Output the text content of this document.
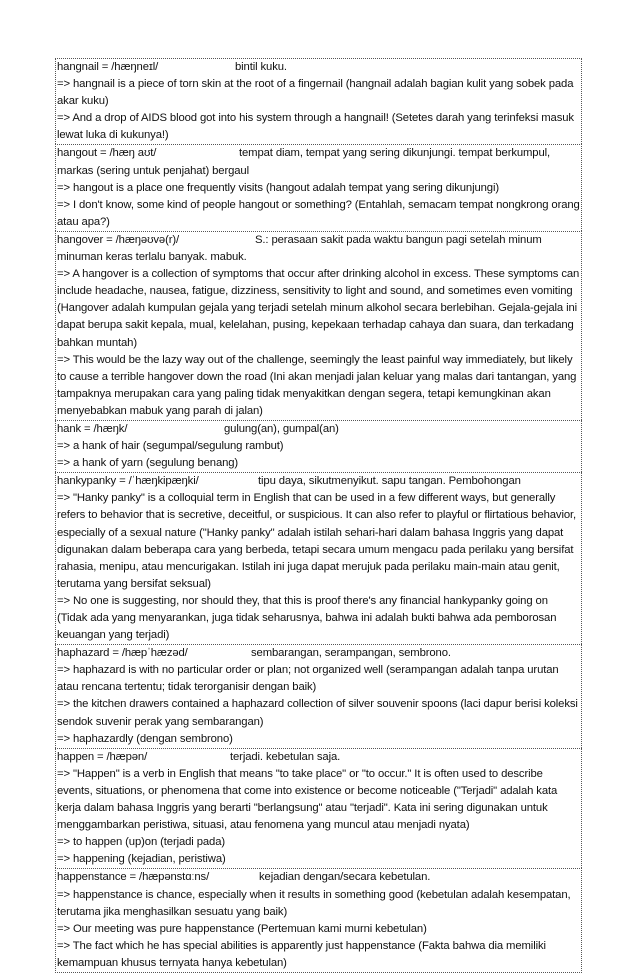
hangnail = /hæŋneɪl/	bintil kuku.
=> hangnail is a piece of torn skin at the root of a fingernail (hangnail adalah bagian kulit yang sobek pada akar kuku)
=> And a drop of AIDS blood got into his system through a hangnail! (Setetes darah yang terinfeksi masuk lewat luka di kukunya!)
hangout = /hæŋ aʊt/	tempat diam, tempat yang sering dikunjungi. tempat berkumpul, markas (sering untuk penjahat) bergaul
=> hangout is a place one frequently visits (hangout adalah tempat yang sering dikunjungi)
=> I don't know, some kind of people hangout or something? (Entahlah, semacam tempat nongkrong orang atau apa?)
hangover = /hæŋəʊvə(r)/	S.: perasaan sakit pada waktu bangun pagi setelah minum minuman keras terlalu banyak. mabuk.
=> A hangover is a collection of symptoms that occur after drinking alcohol in excess. These symptoms can include headache, nausea, fatigue, dizziness, sensitivity to light and sound, and sometimes even vomiting (Hangover adalah kumpulan gejala yang terjadi setelah minum alkohol secara berlebihan. Gejala-gejala ini dapat berupa sakit kepala, mual, kelelahan, pusing, kepekaan terhadap cahaya dan suara, dan terkadang bahkan muntah)
=> This would be the lazy way out of the challenge, seemingly the least painful way immediately, but likely to cause a terrible hangover down the road (Ini akan menjadi jalan keluar yang malas dari tantangan, yang tampaknya merupakan cara yang paling tidak menyakitkan dengan segera, tetapi kemungkinan akan menyebabkan mabuk yang parah di jalan)
hank = /hæŋk/	gulung(an), gumpal(an)
=> a hank of hair (segumpal/segulung rambut)
=> a hank of yarn (segulung benang)
hankypanky = /ˈhæŋkipæŋki/	tipu daya, sikutmenyikut. sapu tangan. Pembohongan
=> "Hanky panky" is a colloquial term in English that can be used in a few different ways, but generally refers to behavior that is secretive, deceitful, or suspicious. It can also refer to playful or flirtatious behavior, especially of a sexual nature ("Hanky panky" adalah istilah sehari-hari dalam bahasa Inggris yang dapat digunakan dalam beberapa cara yang berbeda, tetapi secara umum mengacu pada perilaku yang bersifat rahasia, menipu, atau mencurigakan. Istilah ini juga dapat merujuk pada perilaku main-main atau genit, terutama yang bersifat seksual)
=> No one is suggesting, nor should they, that this is proof there's any financial hankypanky going on (Tidak ada yang menyarankan, juga tidak seharusnya, bahwa ini adalah bukti bahwa ada pemborosan keuangan yang terjadi)
haphazard = /hæpˈhæzəd/	sembarangan, serampangan, sembrono.
=> haphazard is with no particular order or plan; not organized well (serampangan adalah tanpa urutan atau rencana tertentu; tidak terorganisir dengan baik)
=> the kitchen drawers contained a haphazard collection of silver souvenir spoons (laci dapur berisi koleksi sendok suvenir perak yang sembarangan)
=> haphazardly (dengan sembrono)
happen = /hæpən/	terjadi. kebetulan saja.
=> "Happen" is a verb in English that means "to take place" or "to occur." It is often used to describe events, situations, or phenomena that come into existence or become noticeable ("Terjadi" adalah kata kerja dalam bahasa Inggris yang berarti "berlangsung" atau "terjadi". Kata ini sering digunakan untuk menggambarkan peristiwa, situasi, atau fenomena yang muncul atau menjadi nyata)
=> to happen (up)on (terjadi pada)
=> happening (kejadian, peristiwa)
happenstance = /hæpənstɑːns/	kejadian dengan/secara kebetulan.
=> happenstance is chance, especially when it results in something good (kebetulan adalah kesempatan, terutama jika menghasilkan sesuatu yang baik)
=> Our meeting was pure happenstance (Pertemuan kami murni kebetulan)
=> The fact which he has special abilities is apparently just happenstance (Fakta bahwa dia memiliki kemampuan khusus ternyata hanya kebetulan)
